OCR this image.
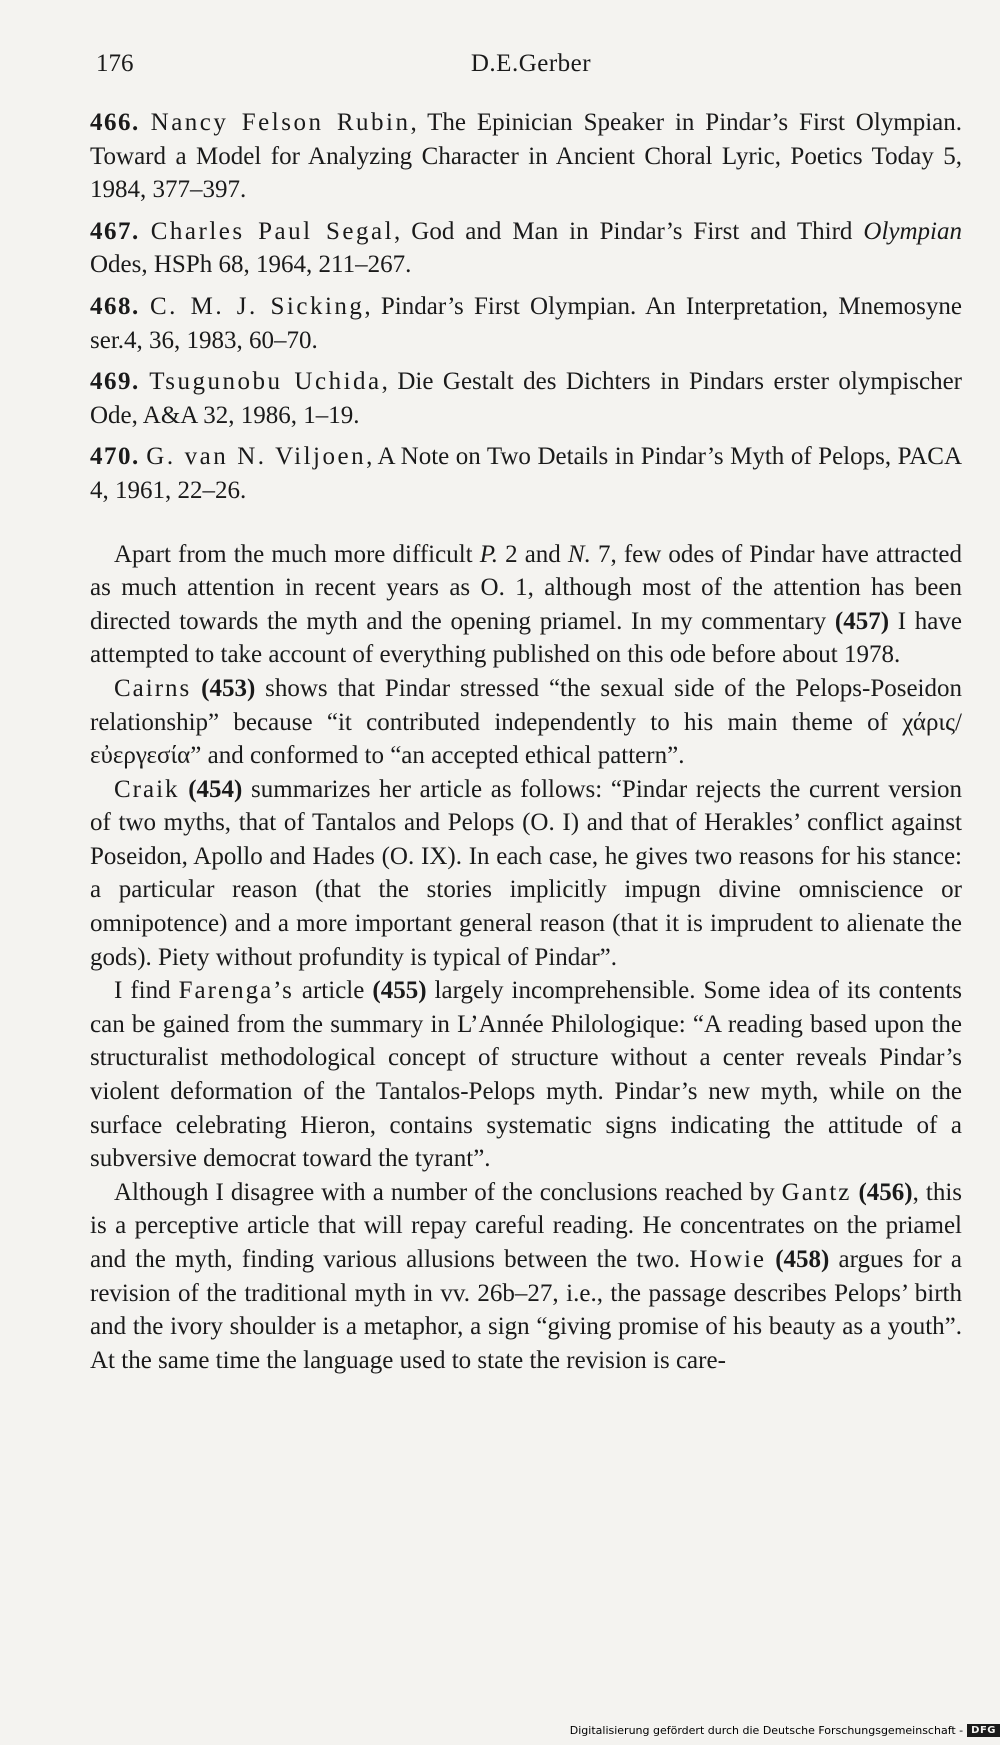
176	D.E.Gerber

466. Nancy Felson Rubin, The Epinician Speaker in Pindar’s First Olympian. Toward a Model for Analyzing Character in Ancient Choral Lyric, Poetics Today 5, 1984, 377–397.

467. Charles Paul Segal, God and Man in Pindar’s First and Third Olympian Odes, HSPh 68, 1964, 211–267.

468. C. M. J. Sicking, Pindar’s First Olympian. An Interpretation, Mnemosyne ser.4, 36, 1983, 60–70.

469. Tsugunobu Uchida, Die Gestalt des Dichters in Pindars erster olympischer Ode, A&A 32, 1986, 1–19.

470. G. van N. Viljoen, A Note on Two Details in Pindar’s Myth of Pelops, PACA 4, 1961, 22–26.

Apart from the much more difficult P. 2 and N. 7, few odes of Pindar have attracted as much attention in recent years as O. 1, although most of the attention has been directed towards the myth and the opening priamel. In my commentary (457) I have attempted to take account of everything published on this ode before about 1978.

Cairns (453) shows that Pindar stressed “the sexual side of the Pelops-Poseidon relationship” because “it contributed independently to his main theme of χάρις/εὐεργεσία” and conformed to “an accepted ethical pattern”.

Craik (454) summarizes her article as follows: “Pindar rejects the current version of two myths, that of Tantalos and Pelops (O. I) and that of Herakles’ conflict against Poseidon, Apollo and Hades (O. IX). In each case, he gives two reasons for his stance: a particular reason (that the stories implicitly impugn divine omniscience or omnipotence) and a more important general reason (that it is imprudent to alienate the gods). Piety without profundity is typical of Pindar”.

I find Farenga’s article (455) largely incomprehensible. Some idea of its contents can be gained from the summary in L’Année Philologique: “A reading based upon the structuralist methodological concept of structure without a center reveals Pindar’s violent deformation of the Tantalos-Pelops myth. Pindar’s new myth, while on the surface celebrating Hieron, contains systematic signs indicating the attitude of a subversive democrat toward the tyrant”.

Although I disagree with a number of the conclusions reached by Gantz (456), this is a perceptive article that will repay careful reading. He concentrates on the priamel and the myth, finding various allusions between the two. Howie (458) argues for a revision of the traditional myth in vv. 26b–27, i.e., the passage describes Pelops’ birth and the ivory shoulder is a metaphor, a sign “giving promise of his beauty as a youth”. At the same time the language used to state the revision is care-

Digitalisierung gefördert durch die Deutsche Forschungsgemeinschaft - DFG
